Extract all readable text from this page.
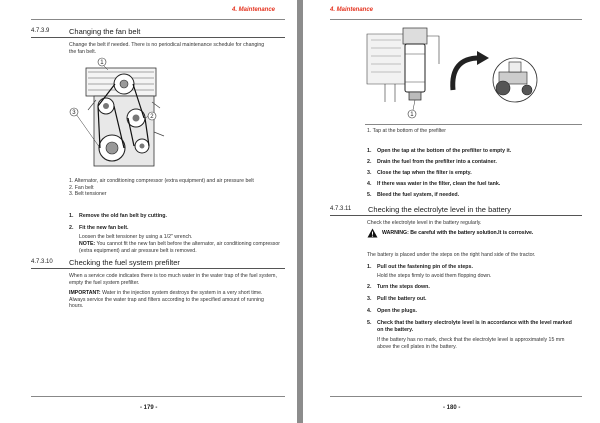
4. Maintenance
4.7.3.9	Changing the fan belt
Change the belt if needed. There is no periodical maintenance schedule for changing the fan belt.
1
2
3
1. Alternator, air conditioning compressor (extra equipment) and air pressure belt
2. Fan belt
3. Belt tensioner
1. Remove the old fan belt by cutting.
2. Fit the new fan belt.
Loosen the belt tensioner by using a 1/2" wrench.
NOTE: You cannot fit the new fan belt before the alternator, air conditioning compressor (extra equipment) and air pressure belt is removed.
4.7.3.10 Checking the fuel system prefilter
When a service code indicates there is too much water in the water trap of the fuel system, empty the fuel system prefilter.
IMPORTANT: Water in the injection system destroys the system in a very short time. Always service the water trap and filters according to the specified amount of running hours.
- 179 -
4. Maintenance
1
1. Tap at the bottom of the prefilter
1. Open the tap at the bottom of the prefilter to empty it.
2. Drain the fuel from the prefilter into a container.
3. Close the tap when the filter is empty.
4. If there was water in the filter, clean the fuel tank.
5. Bleed the fuel system, if needed.
4.7.3.11 Checking the electrolyte level in the battery
Check the electrolyte level in the battery regularly.
WARNING: Be careful with the battery solution.It is corrosive.
The battery is placed under the steps on the right hand side of the tractor.
1. Pull out the fastening pin of the steps.
Hold the steps firmly to avoid them flopping down.
2. Turn the steps down.
3. Pull the battery out.
4. Open the plugs.
5. Check that the battery electrolyte level is in accordance with the level marked on the battery.
If the battery has no mark, check that the electrolyte level is approximately 15 mm above the cell plates in the battery.
- 180 -
